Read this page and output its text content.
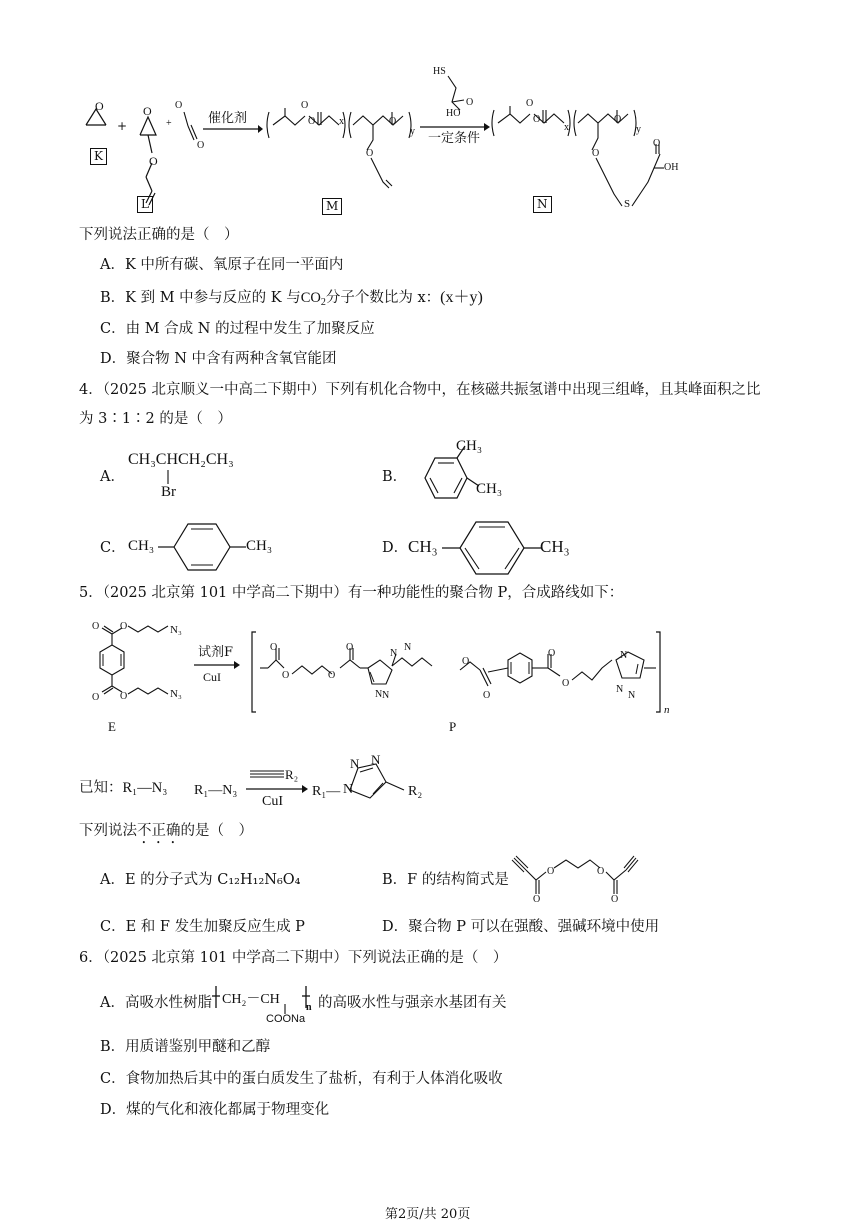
O
K
+
O
O
L
O
O
+	催化剂
O
O x	O
y
O
M
HS
HO
O
一定条件
O
O
x
O
y
O
S
OH
O
N
下列说法正确的是（　）
A．K 中所有碳、氧原子在同一平面内
B．K 到 M 中参与反应的 K 与$CO_2$分子个数比为 x：(x＋y)
C．由 M 合成 N 的过程中发生了加聚反应
D．聚合物 N 中含有两种含氧官能团
4．（2025 北京顺义一中高二下期中）下列有机化合物中，在核磁共振氢谱中出现三组峰，且其峰面积之比
为 3∶1∶2 的是（　）
A．
CH₃CHCH₂CH₃
Br
B．
CH₃
CH₃
C． CH₃	CH₃	D． CH₃	CH₃
5．（2025 北京第 101 中学高二下期中）有一种功能性的聚合物 P，合成路线如下：
O O	N₃
O O	N₃
E
试剂F
CuI
O
O	O
O
N
N
N N
O
O
O
O
N
N
N
n
P
已知：R₁—N₃ R₁—N₃
R₂
CuI
R₁— N
N N
R₂
下列说法不正确的是（　）
A．E 的分子式为 C₁₂H₁₂N₆O₄	B．F 的结构简式是
O	O
O	O
C．E 和 F 发生加聚反应生成 P	D．聚合物 P 可以在强酸、强碱环境中使用
6．（2025 北京第 101 中学高二下期中）下列说法正确的是（　）
A．高吸水性树脂 CH₂－CH
n
COONa
的高吸水性与强亲水基团有关
B．用质谱鉴别甲醚和乙醇
C．食物加热后其中的蛋白质发生了盐析，有利于人体消化吸收
D．煤的气化和液化都属于物理变化
第2页/共 20页
